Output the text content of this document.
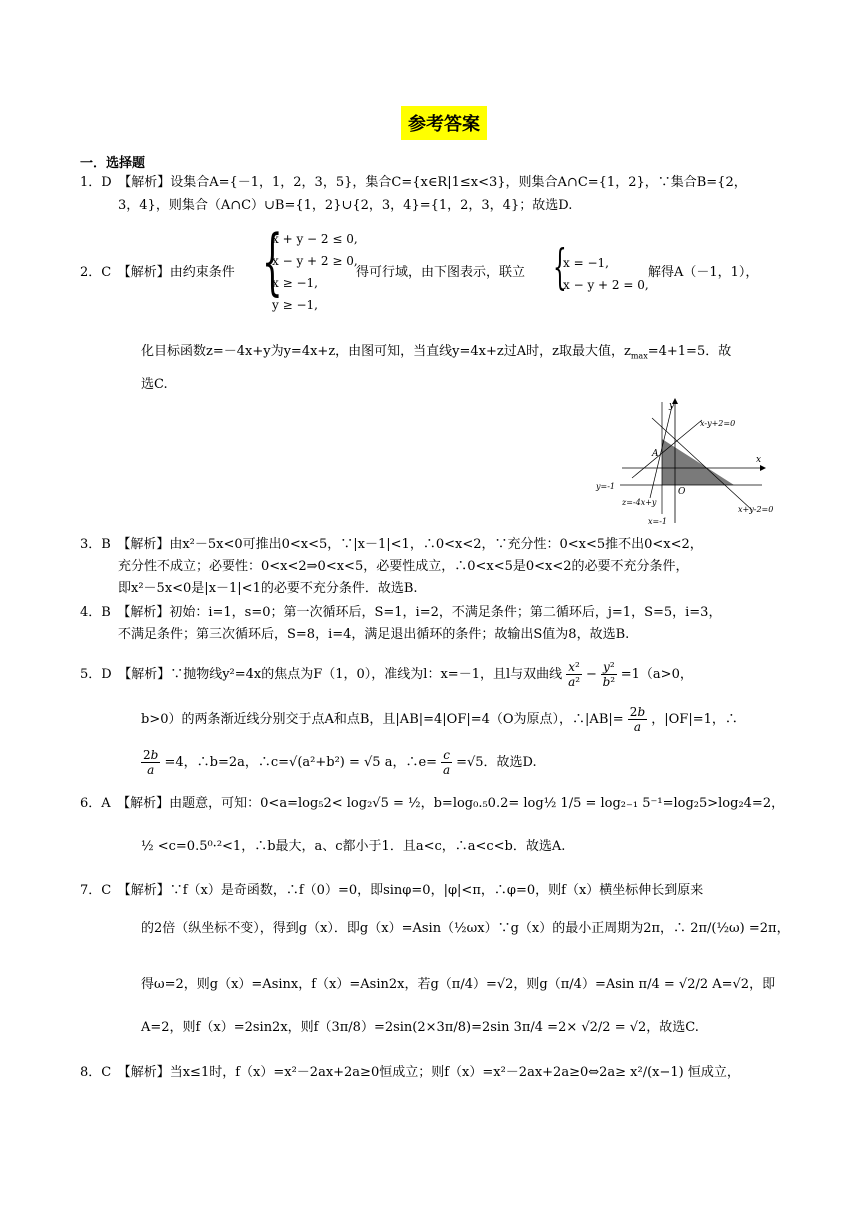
参考答案
一．选择题
1．D　【解析】设集合A={－1，1，2，3，5}，集合C={x∈R|1≤x<3}，则集合A∩C={1，2}，∵集合B={2，
3，4}，则集合（A∩C）∪B={1，2}∪{2，3，4}={1，2，3，4}；故选D.
2．C　【解析】由约束条件 {
x + y − 2 ≤ 0,
x − y + 2 ≥ 0,
x ≥ −1,
y ≥ −1,
得可行域，由下图表示，联立 {
x = −1,
x − y + 2 = 0,
解得A（－1，1），
化目标函数z=－4x+y为y=4x+z，由图可知，当直线y=4x+z过A时，z取最大值，$z_{max}=4+1=5$．故
选C.
y
x
A
O
x-y+2=0
y=-1
z=-4x+y
x+y-2=0
x=-1
3．B　【解析】由x²－5x<0可推出0<x<5，∵|x－1|<1，∴0<x<2，∵充分性：0<x<5推不出0<x<2，
充分性不成立；必要性：0<x<2⇒0<x<5，必要性成立，∴0<x<5是0<x<2的必要不充分条件，
即x²－5x<0是|x－1|<1的必要不充分条件．故选B.
4．B　【解析】初始：i=1，s=0；第一次循环后，S=1，i=2，不满足条件；第二循环后，j=1，S=5，i=3，
不满足条件；第三次循环后，S=8，i=4，满足退出循环的条件；故输出S值为8，故选B.
5．D　【解析】∵抛物线y²=4x的焦点为F（1，0），准线为l：x=－1，且l与双曲线 $\frac{\text{x²}}{\text{a²}} - \frac{\text{y²}}{\text{b²}} =1(a>0$，
b>0）的两条渐近线分别交于点A和点B，且|AB|=4|OF|=4（O为原点），∴|AB|= $\frac{2b}{a}$ ，|OF|=1，∴
$\frac{2b}{a} =4$，∴b=2a，∴c=√(a²+b²) = √5 a，∴e= $\frac{c}{a} =√5$．故选D.
6．A　【解析】由题意，可知：0<a=log₅2< log₂√5 = ½，b=log₀.₅0.2= log½ 1/5 = log₂₋₁ 5⁻¹=log₂5>log₂4=2，
½ <c=0.5⁰·²<1，∴b最大，a、c都小于1．且a<c，∴a<c<b．故选A.
7．C　【解析】∵f（x）是奇函数，∴f（0）=0，即sinφ=0，|φ|<π，∴φ=0，则f（x）横坐标伸长到原来
的2倍（纵坐标不变），得到g（x）．即g（x）=Asin（½ωx）∵g（x）的最小正周期为2π，∴ 2π/(½ω) =2π，
得ω=2，则g（x）=Asinx，f（x）=Asin2x，若g（π/4）=√2，则g（π/4）=Asin π/4 = √2/2 A=√2，即
A=2，则f（x）=2sin2x，则f（3π/8）=2sin(2×3π/8)=2sin 3π/4 =2× √2/2 = √2，故选C.
8．C　【解析】当x≤1时，f（x）=x²－2ax+2a≥0恒成立；则f（x）=x²－2ax+2a≥0⇔2a≥ x²/(x−1) 恒成立，
